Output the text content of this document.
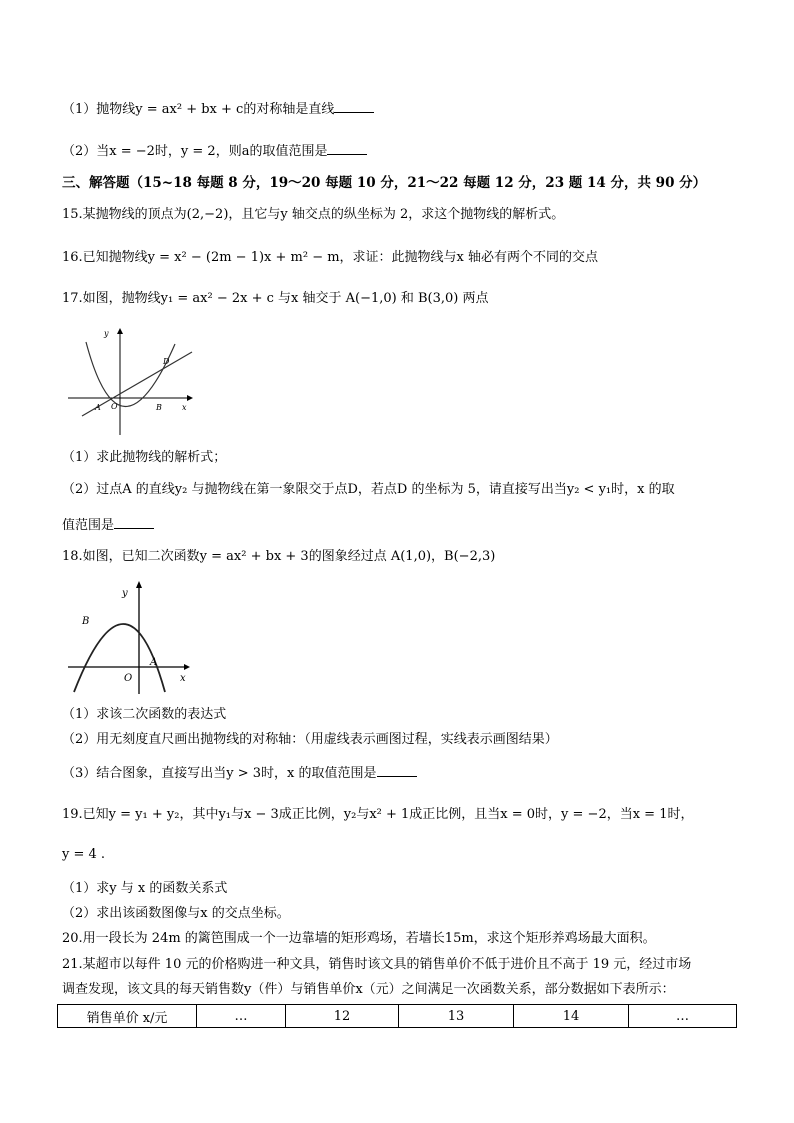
（1）抛物线y = ax² + bx + c的对称轴是直线
（2）当x = −2时，y = 2，则a的取值范围是
三、解答题（15~18 每题 8 分，19～20 每题 10 分，21～22 每题 12 分，23 题 14 分，共 90 分）
15.某抛物线的顶点为(2,−2)，且它与y 轴交点的纵坐标为 2，求这个抛物线的解析式。
16.已知抛物线y = x² − (2m − 1)x + m² − m，求证：此抛物线与x 轴必有两个不同的交点
17.如图，抛物线y₁ = ax² − 2x + c 与x 轴交于 A(−1,0) 和 B(3,0) 两点
y
x
O
A	B
D
（1）求此抛物线的解析式；
（2）过点A 的直线y₂ 与抛物线在第一象限交于点D，若点D 的坐标为 5，请直接写出当y₂ < y₁时，x 的取
值范围是
18.如图，已知二次函数y = ax² + bx + 3的图象经过点 A(1,0)，B(−2,3)
y
x
O
B
A
（1）求该二次函数的表达式
（2）用无刻度直尺画出抛物线的对称轴：（用虚线表示画图过程，实线表示画图结果）
（3）结合图象，直接写出当y > 3时，x 的取值范围是
19.已知y = y₁ + y₂，其中y₁与x − 3成正比例，y₂与x² + 1成正比例，且当x = 0时，y = −2，当x = 1时，
y = 4 .
（1）求y 与 x 的函数关系式
（2）求出该函数图像与x 的交点坐标。
20.用一段长为 24m 的篱笆围成一个一边靠墙的矩形鸡场，若墙长15m，求这个矩形养鸡场最大面积。
21.某超市以每件 10 元的价格购进一种文具，销售时该文具的销售单价不低于进价且不高于 19 元，经过市场
调查发现，该文具的每天销售数y（件）与销售单价x（元）之间满足一次函数关系，部分数据如下表所示：
销售单价 x/元	…	12	13	14	…
